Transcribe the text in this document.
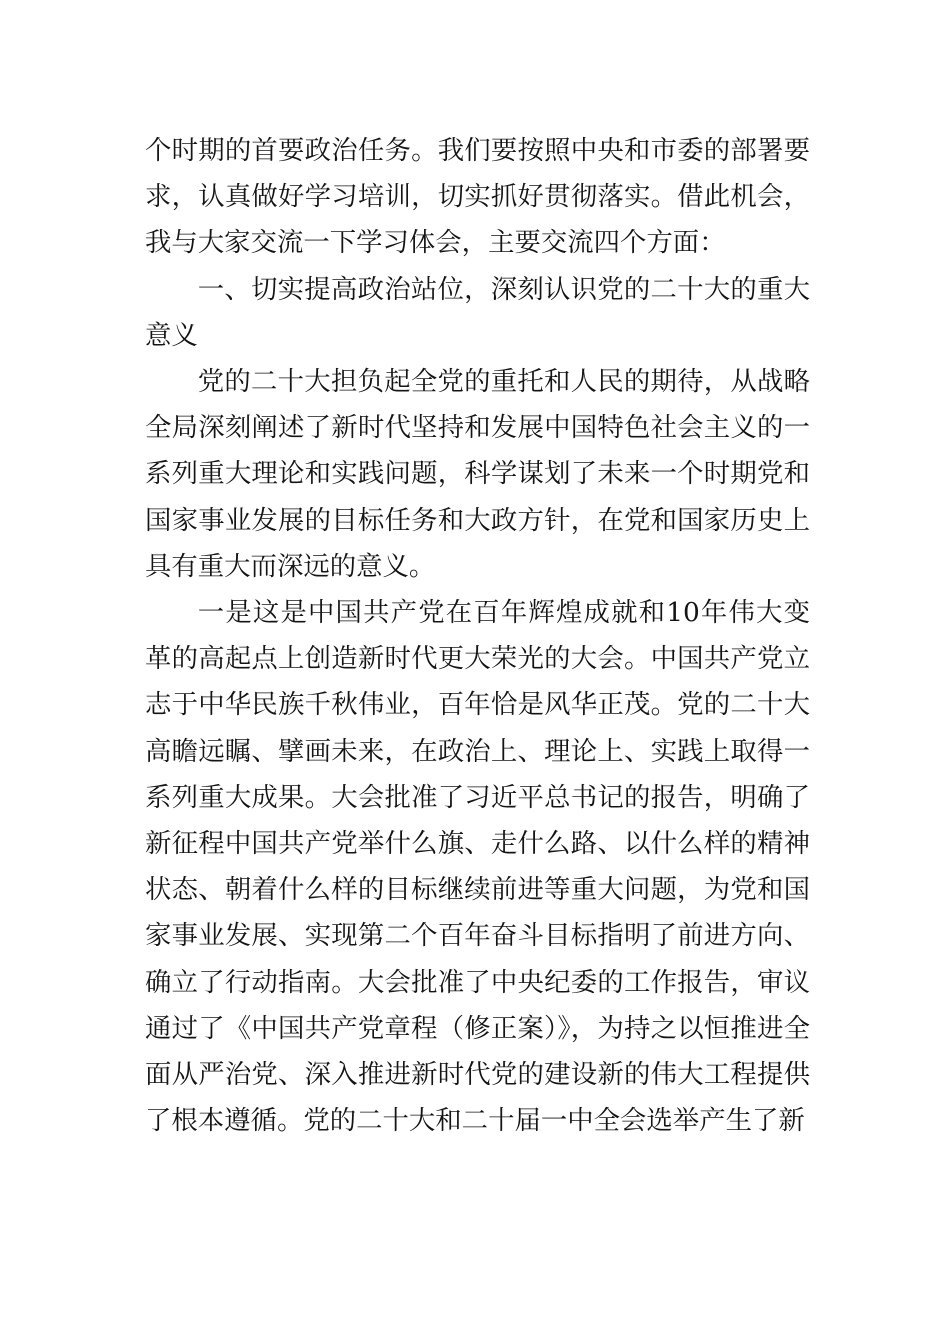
个时期的首要政治任务。我们要按照中央和市委的部署要求，认真做好学习培训，切实抓好贯彻落实。借此机会，我与大家交流一下学习体会，主要交流四个方面：

一、切实提高政治站位，深刻认识党的二十大的重大意义

党的二十大担负起全党的重托和人民的期待，从战略全局深刻阐述了新时代坚持和发展中国特色社会主义的一系列重大理论和实践问题，科学谋划了未来一个时期党和国家事业发展的目标任务和大政方针，在党和国家历史上具有重大而深远的意义。

一是这是中国共产党在百年辉煌成就和10年伟大变革的高起点上创造新时代更大荣光的大会。中国共产党立志于中华民族千秋伟业，百年恰是风华正茂。党的二十大高瞻远瞩、擘画未来，在政治上、理论上、实践上取得一系列重大成果。大会批准了习近平总书记的报告，明确了新征程中国共产党举什么旗、走什么路、以什么样的精神状态、朝着什么样的目标继续前进等重大问题，为党和国家事业发展、实现第二个百年奋斗目标指明了前进方向、确立了行动指南。大会批准了中央纪委的工作报告，审议通过了《中国共产党章程（修正案）》，为持之以恒推进全面从严治党、深入推进新时代党的建设新的伟大工程提供了根本遵循。党的二十大和二十届一中全会选举产生了新
